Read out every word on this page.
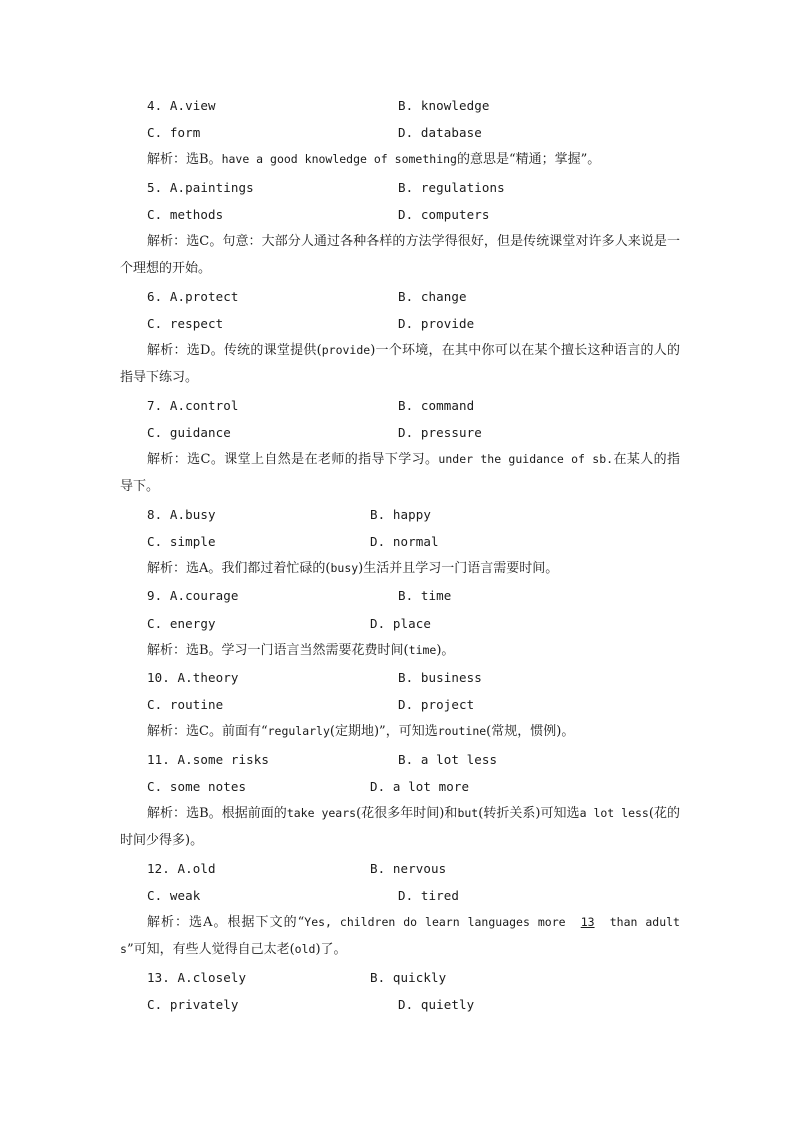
4. A.view	B. knowledge
C. form	D. database
解析：选B。have a good knowledge of something的意思是“精通；掌握”。
5. A.paintings	B. regulations
C. methods	D. computers
解析：选C。句意：大部分人通过各种各样的方法学得很好，但是传统课堂对许多人来说是一个理想的开始。
6. A.protect	B. change
C. respect	D. provide
解析：选D。传统的课堂提供(provide)一个环境，在其中你可以在某个擅长这种语言的人的指导下练习。
7. A.control	B. command
C. guidance	D. pressure
解析：选C。课堂上自然是在老师的指导下学习。under the guidance of sb.在某人的指导下。
8. A.busy	B. happy
C. simple	D. normal
解析：选A。我们都过着忙碌的(busy)生活并且学习一门语言需要时间。
9. A.courage	B. time
C. energy	D. place
解析：选B。学习一门语言当然需要花费时间(time)。
10. A.theory	B. business
C. routine	D. project
解析：选C。前面有“regularly(定期地)”，可知选routine(常规，惯例)。
11. A.some risks	B. a lot less
C. some notes	D. a lot more
解析：选B。根据前面的take years(花很多年时间)和but(转折关系)可知选a lot less(花的时间少得多)。
12. A.old	B. nervous
C. weak	D. tired
解析：选A。根据下文的“Yes, children do learn languages more 13 than adults”可知，有些人觉得自己太老(old)了。
13. A.closely	B. quickly
C. privately	D. quietly
